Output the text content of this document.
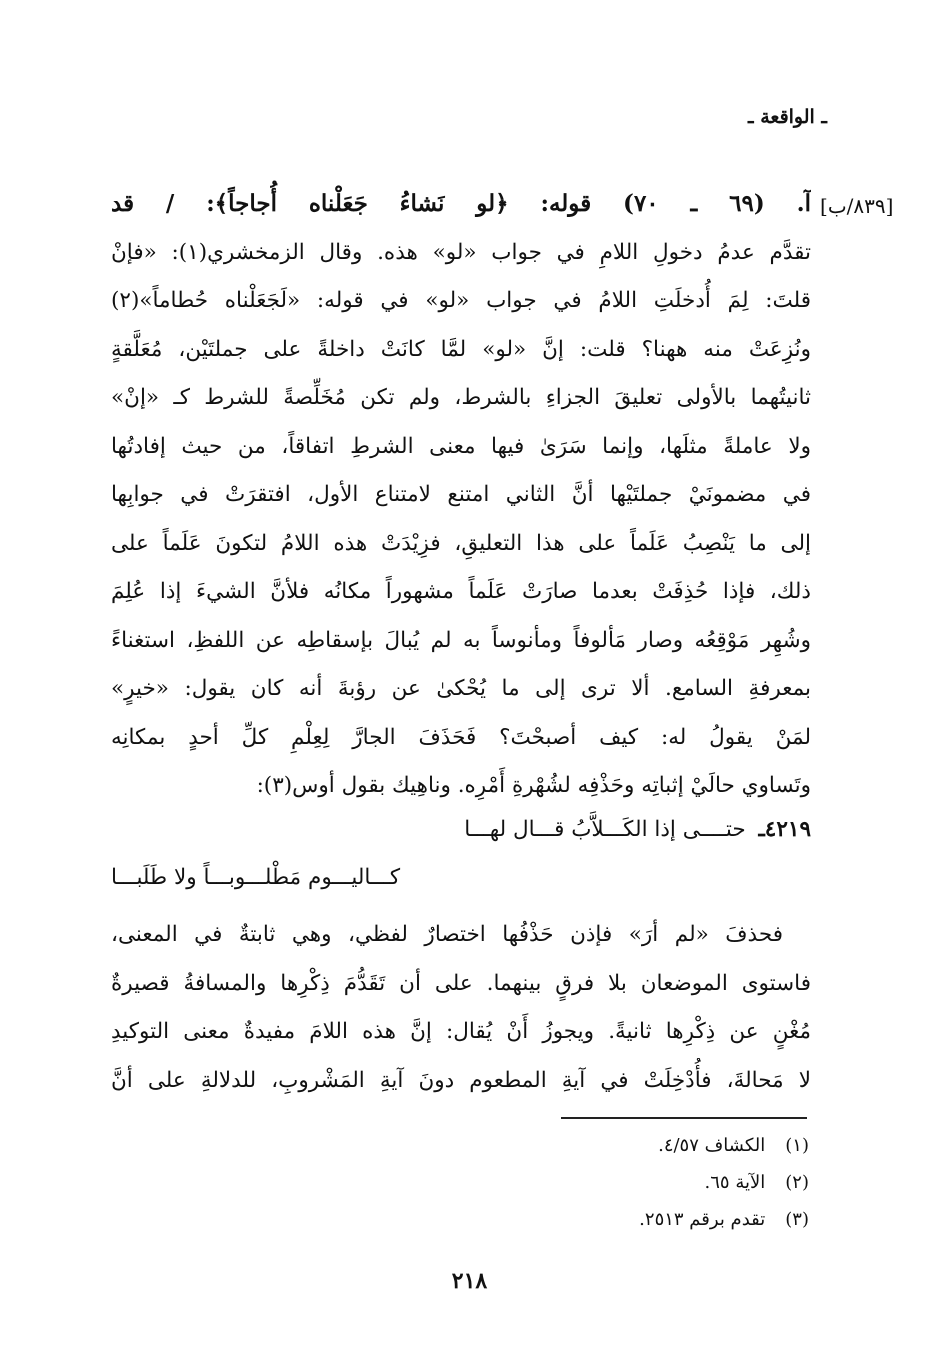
ـ الواقعة ـ
[٨٣٩/ب]
آ. (٦٩ ـ ٧٠) قوله: ﴿لو نَشاءُ جَعَلْناه أُجاجاً﴾: / قد
تقدَّم عدمُ دخولِ اللامِ في جواب «لو» هذه. وقال الزمخشري(١): «فإنْ
قلتَ: لِمَ أُدخلَتِ اللامُ في جواب «لو» في قوله: «لَجَعَلْناه حُطاماً»(٢)
ونُزِعَتْ منه ههنا؟ قلت: إنَّ «لو» لمَّا كانَتْ داخلةً على جملتَيْن، مُعَلَّقةٍ
ثانيتُهما بالأولى تعليقَ الجزاءِ بالشرط، ولم تكن مُخَلِّصةً للشرط كـ «إنْ»
ولا عاملةً مثلَها، وإنما سَرَىٰ فيها معنى الشرطِ اتفاقاً، من حيث إفادتُها
في مضمونَيْ جملتَيْها أنَّ الثاني امتنع لامتناع الأول، افتقرَتْ في جوابِها
إلى ما يَنْصِبُ عَلَماً على هذا التعليقِ، فزِيْدَتْ هذه اللامُ لتكونَ عَلَماً على
ذلك، فإذا حُذِفَتْ بعدما صارَتْ عَلَماً مشهوراً مكانُه فلأنَّ الشيءَ إذا عُلِمَ
وشُهِر مَوْقِعُه وصار مَألوفاً ومأنوساً به لم يُبالَ بإسقاطِه عن اللفظِ، استغناءً
بمعرفةِ السامع. ألا ترى إلى ما يُحْكىٰ عن رؤبةَ أنه كان يقول: «خيرٍ»
لمَنْ يقولُ له: كيف أصبحْتَ؟ فَحَذَفَ الجارَّ لِعِلْمِ كلِّ أحدٍ بمكانِه
وتَساوي حالَيْ إثباتِه وحَذْفِه لشُهْرةِ أَمْرِه. وناهِيك بقول أوس(٣):
٤٢١٩ـ حتــــى إذا الكَـــلاَّبُ قـــال لهـــا
كـــاليـــوم مَطْلـــوبـــاً ولا طَلَبـــا
فحذفَ «لم أرَ» فإذن حَذْفُها اختصارٌ لفظي، وهي ثابتةٌ في المعنى،
فاستوى الموضعان بلا فرقٍ بينهما. على أن تَقَدُّمَ ذِكْرِها والمسافةُ قصيرةٌ
مُغْنٍ عن ذِكْرِها ثانيةً. ويجوزُ أَنْ يُقال: إنَّ هذه اللامَ مفيدةٌ معنى التوكيدِ
لا مَحالةَ، فأُدْخِلَتْ في آيةِ المطعوم دونَ آيةِ المَشْروبِ، للدلالةِ على أنَّ
(١) الكشاف ٤/٥٧.
(٢) الآية ٦٥.
(٣) تقدم برقم ٢٥١٣.
٢١٨
